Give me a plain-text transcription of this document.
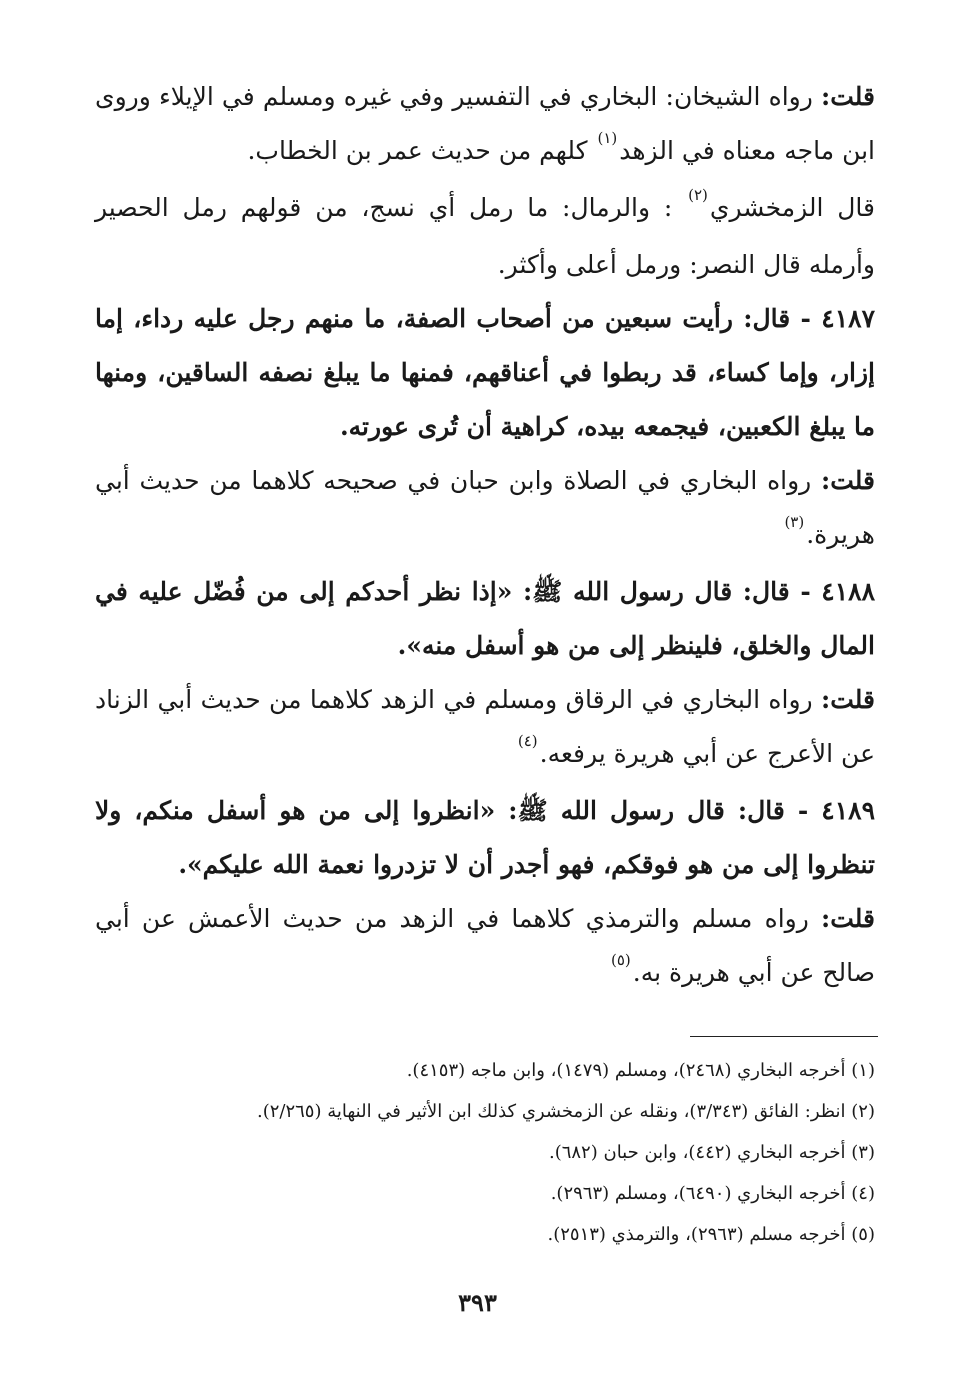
قلت: رواه الشيخان: البخاري في التفسير وفي غيره ومسلم في الإيلاء وروى ابن ماجه معناه في الزهد$^{(١)}$ كلهم من حديث عمر بن الخطاب.
قال الزمخشري$^{(٢)}$ : والرمال: ما رمل أي نسج، من قولهم رمل الحصير وأرمله قال النصر: ورمل أعلى وأكثر.
٤١٨٧ - قال: رأيت سبعين من أصحاب الصفة، ما منهم رجل عليه رداء، إما إزار، وإما كساء، قد ربطوا في أعناقهم، فمنها ما يبلغ نصفه الساقين، ومنها ما يبلغ الكعبين، فيجمعه بيده، كراهية أن تُرى عورته.
قلت: رواه البخاري في الصلاة وابن حبان في صحيحه كلاهما من حديث أبي هريرة.$^{(٣)}$
٤١٨٨ - قال: قال رسول الله ﷺ: «إذا نظر أحدكم إلى من فُضّل عليه في المال والخلق، فلينظر إلى من هو أسفل منه».
قلت: رواه البخاري في الرقاق ومسلم في الزهد كلاهما من حديث أبي الزناد عن الأعرج عن أبي هريرة يرفعه.$^{(٤)}$
٤١٨٩ - قال: قال رسول الله ﷺ: «انظروا إلى من هو أسفل منكم، ولا تنظروا إلى من هو فوقكم، فهو أجدر أن لا تزدروا نعمة الله عليكم».
قلت: رواه مسلم والترمذي كلاهما في الزهد من حديث الأعمش عن أبي صالح عن أبي هريرة به.$^{(٥)}$
(١) أخرجه البخاري (٢٤٦٨)، ومسلم (١٤٧٩)، وابن ماجه (٤١٥٣).
(٢) انظر: الفائق (٣/٣٤٣)، ونقله عن الزمخشري كذلك ابن الأثير في النهاية (٢/٢٦٥).
(٣) أخرجه البخاري (٤٤٢)، وابن حبان (٦٨٢).
(٤) أخرجه البخاري (٦٤٩٠)، ومسلم (٢٩٦٣).
(٥) أخرجه مسلم (٢٩٦٣)، والترمذي (٢٥١٣).
٣٩٣
